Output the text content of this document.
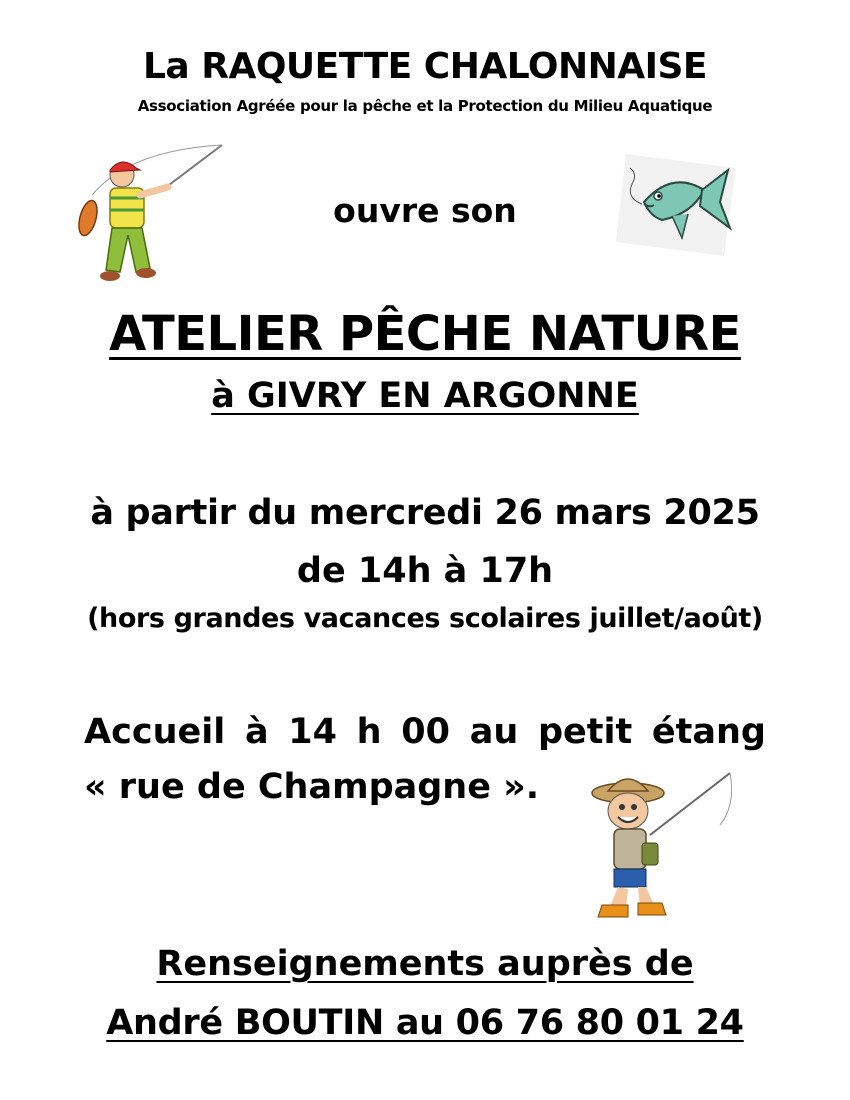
La RAQUETTE CHALONNAISE
Association Agréée pour la pêche et la Protection du Milieu Aquatique
ouvre son
ATELIER PÊCHE NATURE
à GIVRY EN ARGONNE
à partir du mercredi 26 mars 2025
de 14h à 17h
(hors grandes vacances scolaires juillet/août)
Accueil à 14 h 00 au petit étang
« rue de Champagne ».
Renseignements auprès de
André BOUTIN au 06 76 80 01 24
